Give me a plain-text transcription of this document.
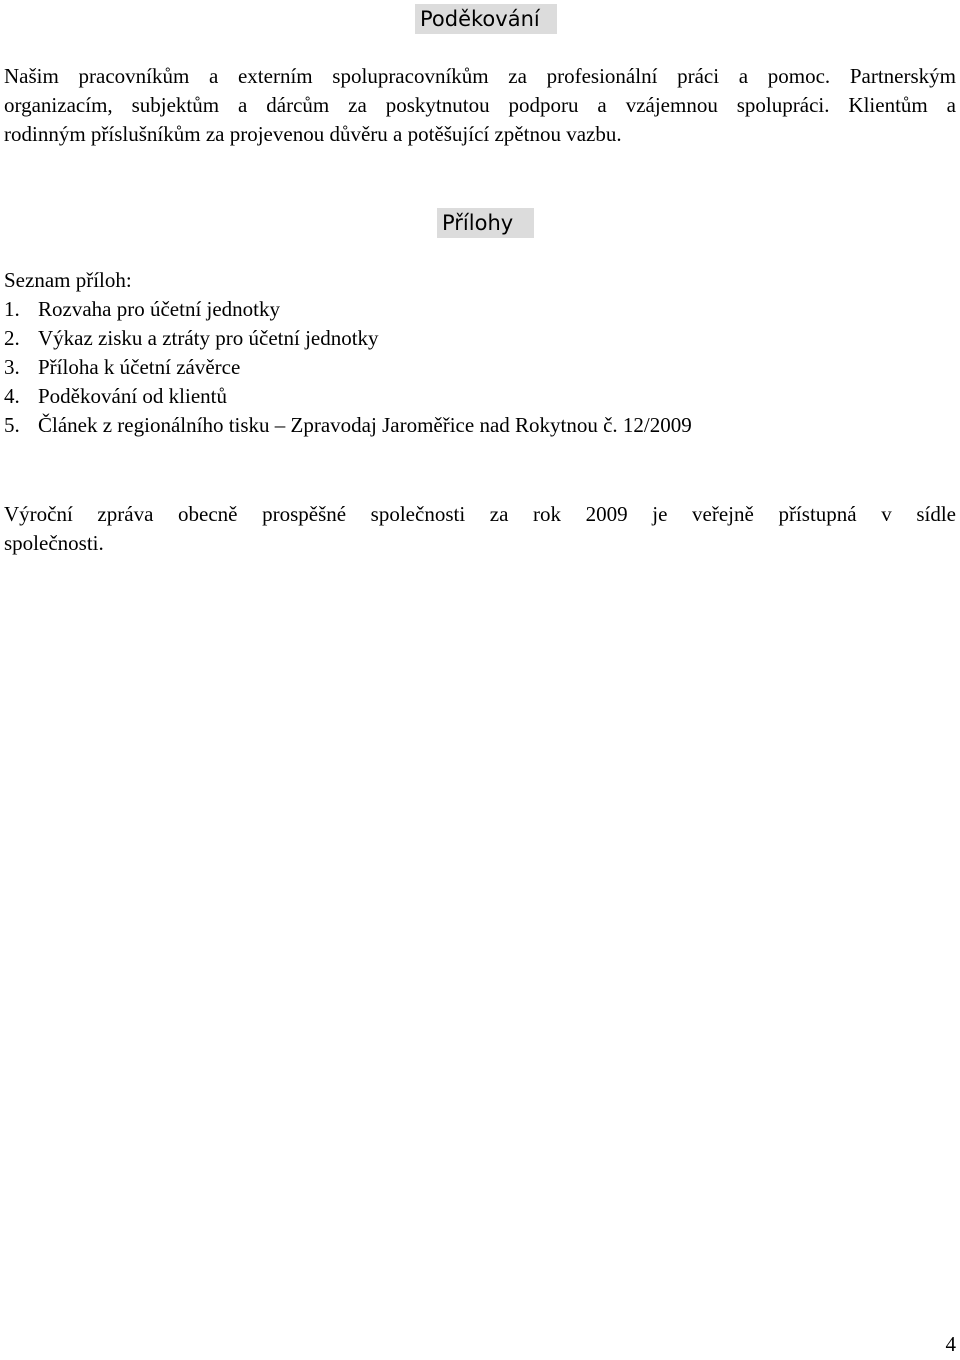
Poděkování

Našim pracovníkům a externím spolupracovníkům za profesionální práci a pomoc. Partnerským
organizacím, subjektům a dárcům za poskytnutou podporu a vzájemnou spolupráci. Klientům a
rodinným příslušníkům za projevenou důvěru a potěšující zpětnou vazbu.

Přílohy
Seznam příloh:
1. Rozvaha pro účetní jednotky
2. Výkaz zisku a ztráty pro účetní jednotky
3. Příloha k účetní závěrce
4. Poděkování od klientů
5. Článek z regionálního tisku – Zpravodaj Jaroměřice nad Rokytnou č. 12/2009

Výroční zpráva obecně prospěšné společnosti za rok 2009 je veřejně přístupná v sídle
společnosti.

4
